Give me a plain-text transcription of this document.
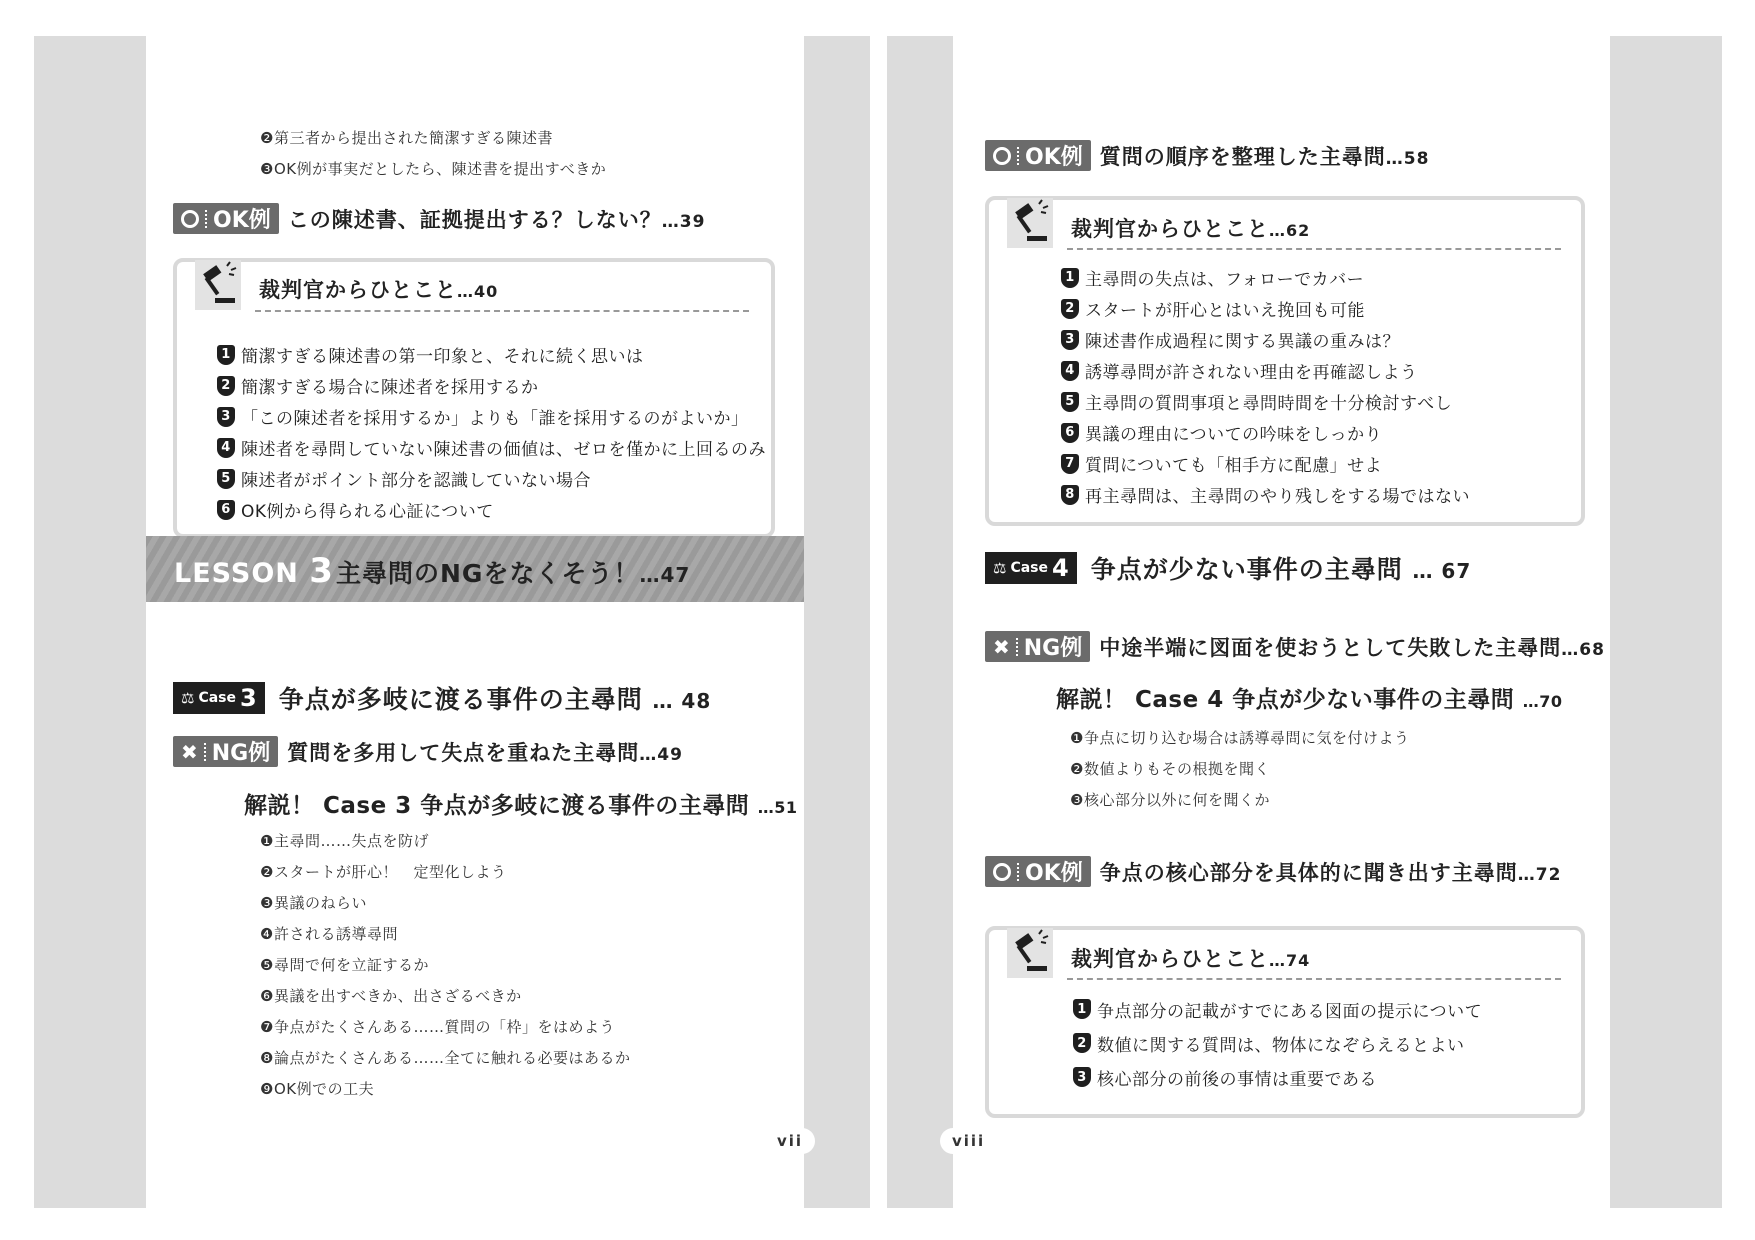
❷第三者から提出された簡潔すぎる陳述書
❸OK例が事実だとしたら、陳述書を提出すべきか
OK例 この陳述書、証拠提出する？しない？…39
裁判官からひとこと…40
1 簡潔すぎる陳述書の第一印象と、それに続く思いは
2 簡潔すぎる場合に陳述者を採用するか
3 「この陳述者を採用するか」よりも「誰を採用するのがよいか」
4 陳述者を尋問していない陳述書の価値は、ゼロを僅かに上回るのみ
5 陳述者がポイント部分を認識していない場合
6 OK例から得られる心証について
LESSON 3 主尋問のNGをなくそう！…47
⚖ Case 3 争点が多岐に渡る事件の主尋問 … 48
✖ NG例 質問を多用して失点を重ねた主尋問…49
解説！ Case 3 争点が多岐に渡る事件の主尋問 …51
❶主尋問……失点を防げ
❷スタートが肝心！　定型化しよう
❸異議のねらい
❹許される誘導尋問
❺尋問で何を立証するか
❻異議を出すべきか、出さざるべきか
❼争点がたくさんある……質問の「枠」をはめよう
❽論点がたくさんある……全てに触れる必要はあるか
❾OK例での工夫
vii
OK例 質問の順序を整理した主尋問…58
裁判官からひとこと…62
1 主尋問の失点は、フォローでカバー
2 スタートが肝心とはいえ挽回も可能
3 陳述書作成過程に関する異議の重みは？
4 誘導尋問が許されない理由を再確認しよう
5 主尋問の質問事項と尋問時間を十分検討すべし
6 異議の理由についての吟味をしっかり
7 質問についても「相手方に配慮」せよ
8 再主尋問は、主尋問のやり残しをする場ではない
⚖ Case 4 争点が少ない事件の主尋問 … 67
✖ NG例 中途半端に図面を使おうとして失敗した主尋問…68
解説！ Case 4 争点が少ない事件の主尋問 …70
❶争点に切り込む場合は誘導尋問に気を付けよう
❷数値よりもその根拠を聞く
❸核心部分以外に何を聞くか
OK例 争点の核心部分を具体的に聞き出す主尋問…72
裁判官からひとこと…74
1 争点部分の記載がすでにある図面の提示について
2 数値に関する質問は、物体になぞらえるとよい
3 核心部分の前後の事情は重要である
viii
